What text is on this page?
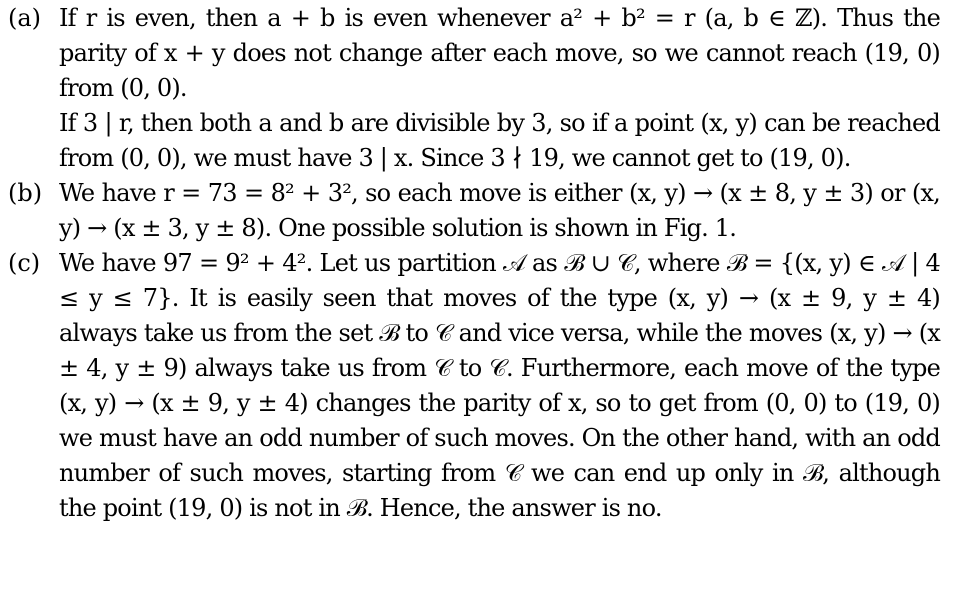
(a) If r is even, then a + b is even whenever a² + b² = r (a, b ∈ ℤ). Thus the parity of x + y does not change after each move, so we cannot reach (19, 0) from (0, 0).

If 3 | r, then both a and b are divisible by 3, so if a point (x, y) can be reached from (0, 0), we must have 3 | x. Since 3 ∤ 19, we cannot get to (19, 0).

(b) We have r = 73 = 8² + 3², so each move is either (x, y) → (x ± 8, y ± 3) or (x, y) → (x ± 3, y ± 8). One possible solution is shown in Fig. 1.

(c) We have 97 = 9² + 4². Let us partition 𝒜 as ℬ ∪ 𝒞, where ℬ = {(x, y) ∈ 𝒜 | 4 ≤ y ≤ 7}. It is easily seen that moves of the type (x, y) → (x ± 9, y ± 4) always take us from the set ℬ to 𝒞 and vice versa, while the moves (x, y) → (x ± 4, y ± 9) always take us from 𝒞 to 𝒞. Furthermore, each move of the type (x, y) → (x ± 9, y ± 4) changes the parity of x, so to get from (0, 0) to (19, 0) we must have an odd number of such moves. On the other hand, with an odd number of such moves, starting from 𝒞 we can end up only in ℬ, although the point (19, 0) is not in ℬ. Hence, the answer is no.
